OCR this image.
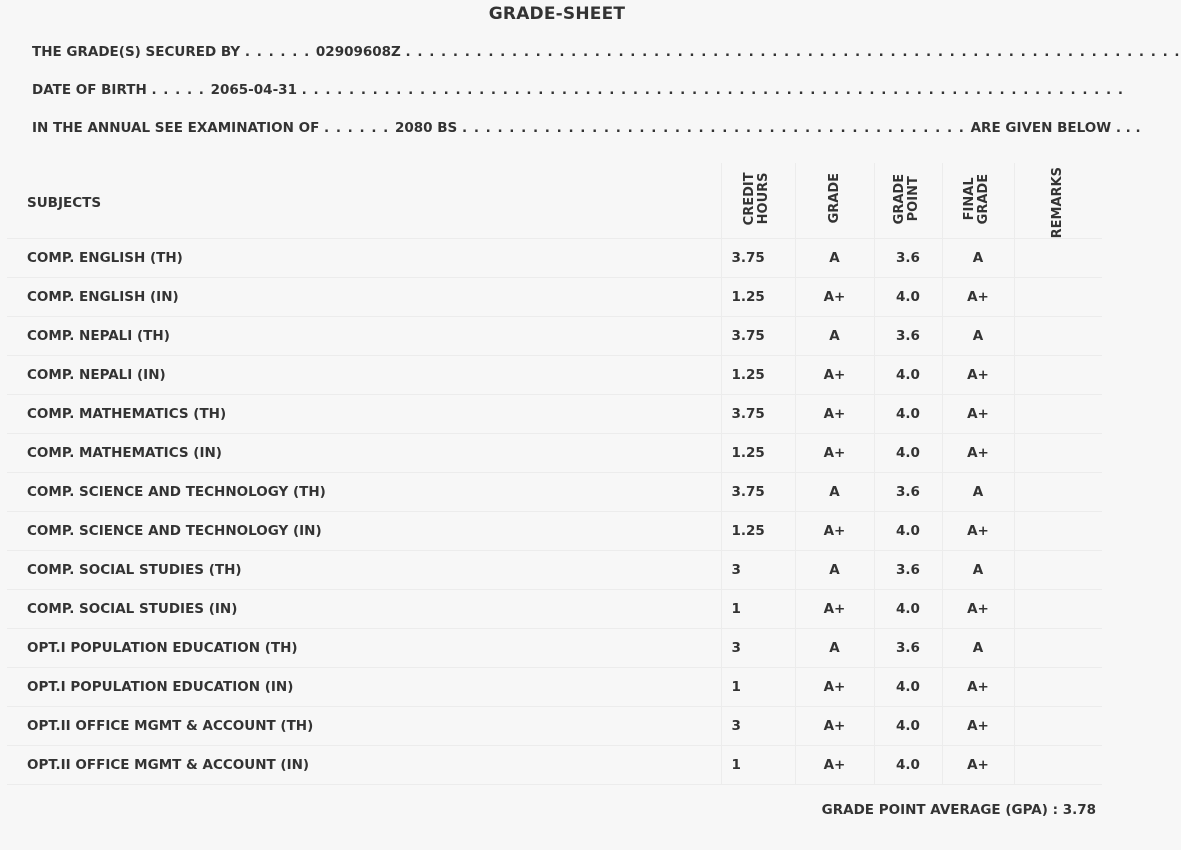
GRADE-SHEET
THE GRADE(S) SECURED BY . . . . . . 02909608Z . . . . . . . . . . . . . . . . . . . . . . . . . . . . . . . . . . . . . . . . . . . . . . . . . . . . . . . . . . . . . . . . . .
DATE OF BIRTH . . . . . 2065-04-31 . . . . . . . . . . . . . . . . . . . . . . . . . . . . . . . . . . . . . . . . . . . . . . . . . . . . . . . . . . . . . . . . . . . . . .
IN THE ANNUAL SEE EXAMINATION OF . . . . . . 2080 BS . . . . . . . . . . . . . . . . . . . . . . . . . . . . . . . . . . . . . . . . . . . ARE GIVEN BELOW . . .
SUBJECTS	CREDIT HOURS	GRADE	GRADE POINT	FINAL GRADE	REMARKS
COMP. ENGLISH (TH)	3.75	A	3.6	A	
COMP. ENGLISH (IN)	1.25	A+	4.0	A+	
COMP. NEPALI (TH)	3.75	A	3.6	A	
COMP. NEPALI (IN)	1.25	A+	4.0	A+	
COMP. MATHEMATICS (TH)	3.75	A+	4.0	A+	
COMP. MATHEMATICS (IN)	1.25	A+	4.0	A+	
COMP. SCIENCE AND TECHNOLOGY (TH)	3.75	A	3.6	A	
COMP. SCIENCE AND TECHNOLOGY (IN)	1.25	A+	4.0	A+	
COMP. SOCIAL STUDIES (TH)	3	A	3.6	A	
COMP. SOCIAL STUDIES (IN)	1	A+	4.0	A+	
OPT.I POPULATION EDUCATION (TH)	3	A	3.6	A	
OPT.I POPULATION EDUCATION (IN)	1	A+	4.0	A+	
OPT.II OFFICE MGMT & ACCOUNT (TH)	3	A+	4.0	A+	
OPT.II OFFICE MGMT & ACCOUNT (IN)	1	A+	4.0	A+	
GRADE POINT AVERAGE (GPA) : 3.78
